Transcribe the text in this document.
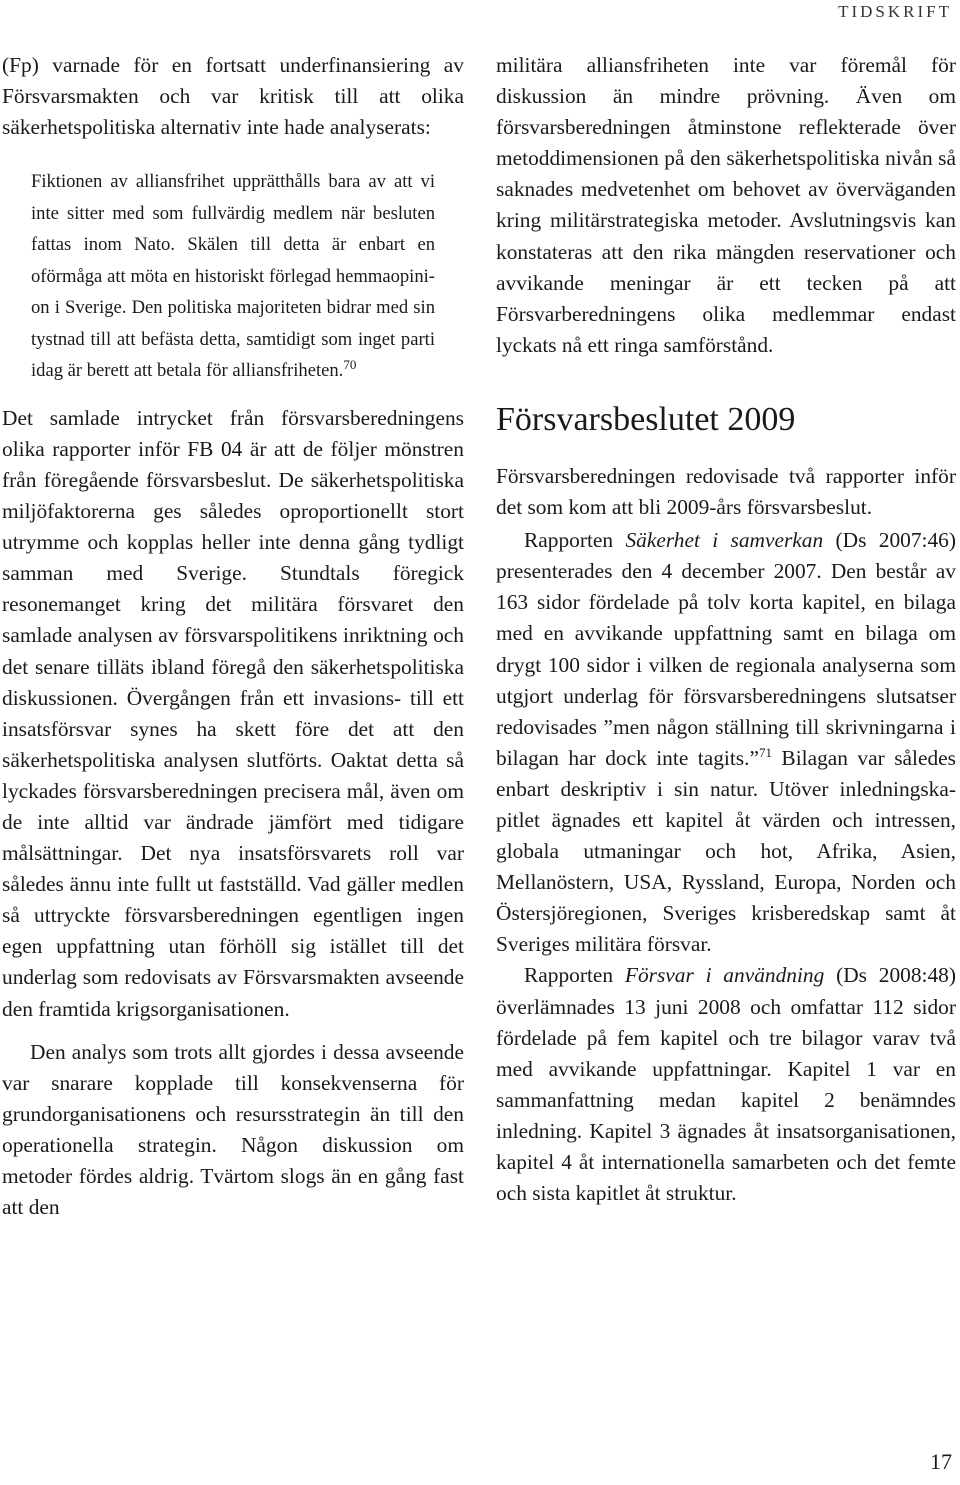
TIDSKRIFT

(Fp) varnade för en fortsatt underfinansiering av Försvarsmakten och var kritisk till att olika säkerhetspolitiska alternativ inte hade analyserats:

Fiktionen av alliansfrihet upprätthålls bara av att vi inte sitter med som fullvärdig medlem när besluten fattas inom Nato. Skälen till detta är enbart en oförmåga att möta en historiskt förlegad hemmaopinion i Sverige. Den politiska majoriteten bidrar med sin tystnad till att befästa detta, samtidigt som inget parti idag är berett att betala för alliansfriheten.$^{70}$

Det samlade intrycket från försvarsberedningens olika rapporter inför FB 04 är att de följer mönstren från föregående försvarsbeslut. De säkerhetspolitiska miljöfaktorerna ges således oproportionellt stort utrymme och kopplas heller inte denna gång tydligt samman med Sverige. Stundtals föregick resonemanget kring det militära försvaret den samlade analysen av försvarspolitikens inriktning och det senare tilläts ibland föregå den säkerhetspolitiska diskussionen. Övergången från ett invasions- till ett insatsförsvar synes ha skett före det att den säkerhetspolitiska analysen slutförts. Oaktat detta så lyckades försvarsberedningen precisera mål, även om de inte alltid var ändrade jämfört med tidigare målsättningar. Det nya insatsförsvarets roll var således ännu inte fullt ut fastställd. Vad gäller medlen så uttryckte försvarsberedningen egentligen ingen egen uppfattning utan förhöll sig istället till det underlag som redovisats av Försvarsmakten avseende den framtida krigsorganisationen.

Den analys som trots allt gjordes i dessa avseende var snarare kopplade till konsekvenserna för grundorganisationens och resursstrategin än till den operationella strategin. Någon diskussion om metoder fördes aldrig. Tvärtom slogs än en gång fast att den

militära alliansfriheten inte var föremål för diskussion än mindre prövning. Även om försvarsberedningen åtminstone reflekterade över metoddimensionen på den säkerhetspolitiska nivån så saknades medvetenhet om behovet av överväganden kring militärstrategiska metoder. Avslutningsvis kan konstateras att den rika mängden reservationer och avvikande meningar är ett tecken på att Försvarberedningens olika medlemmar endast lyckats nå ett ringa samförstånd.

Försvarsbeslutet 2009

Försvarsberedningen redovisade två rapporter inför det som kom att bli 2009-års försvarsbeslut.

Rapporten Säkerhet i samverkan (Ds 2007:46) presenterades den 4 december 2007. Den består av 163 sidor fördelade på tolv korta kapitel, en bilaga med en avvikande uppfattning samt en bilaga om drygt 100 sidor i vilken de regionala analyserna som utgjort underlag för försvarsberedningens slutsatser redovisades ”men någon ställning till skrivningarna i bilagan har dock inte tagits.”$^{71}$ Bilagan var således enbart deskriptiv i sin natur. Utöver inledningskapitlet ägnades ett kapitel åt värden och intressen, globala utmaningar och hot, Afrika, Asien, Mellanöstern, USA, Ryssland, Europa, Norden och Östersjöregionen, Sveriges krisberedskap samt åt Sveriges militära försvar.

Rapporten Försvar i användning (Ds 2008:48) överlämnades 13 juni 2008 och omfattar 112 sidor fördelade på fem kapitel och tre bilagor varav två med avvikande uppfattningar. Kapitel 1 var en sammanfattning medan kapitel 2 benämndes inledning. Kapitel 3 ägnades åt insatsorganisationen, kapitel 4 åt internationella samarbeten och det femte och sista kapitlet åt struktur.

17
